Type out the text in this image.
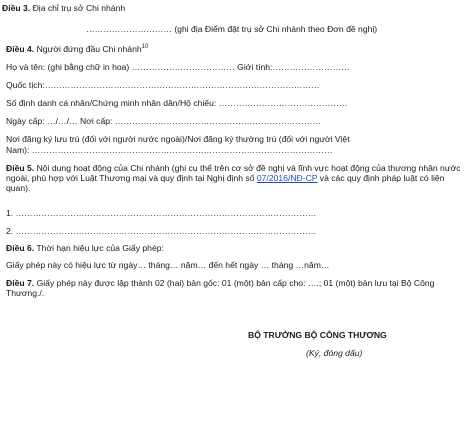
Điều 3. Địa chỉ trụ sở Chi nhánh
………………………… (ghi địa Điểm đặt trụ sở Chi nhánh theo Đơn đề nghị)
Điều 4. Người đứng đầu Chi nhánh$^{10}$
Họ và tên: (ghi bằng chữ in hoa) ……………………………… Giới tính:………………………
Quốc tịch:……………………………………………………………………………………
Số định danh cá nhân/Chứng minh nhân dân/Hộ chiếu: ………………………………………
Ngày cấp: …/…/… Nơi cấp: ………………………………………………………………
Nơi đăng ký lưu trú (đối với người nước ngoài)/Nơi đăng ký thường trú (đối với người Việt
Nam): ……………………………………………………………………………………………
Điều 5. Nội dung hoạt động của Chi nhánh (ghi cụ thể trên cơ sở đề nghị và lĩnh vực hoạt động của thương nhân nước ngoài, phù hợp với Luật Thương mại và quy định tại Nghị định số 07/2016/NĐ-CP và các quy định pháp luật có liên quan).
1. ……………………………………………………………………………………………
2. ……………………………………………………………………………………………
Điều 6. Thời hạn hiệu lực của Giấy phép:
Giấy phép này có hiệu lực từ ngày… tháng… năm… đến hết ngày … tháng …năm…
Điều 7. Giấy phép này được lập thành 02 (hai) bản gốc: 01 (một) bản cấp cho: ….; 01 (một) bản lưu tại Bộ Công Thương./.
BỘ TRƯỞNG BỘ CÔNG THƯƠNG
(Ký, đóng dấu)
